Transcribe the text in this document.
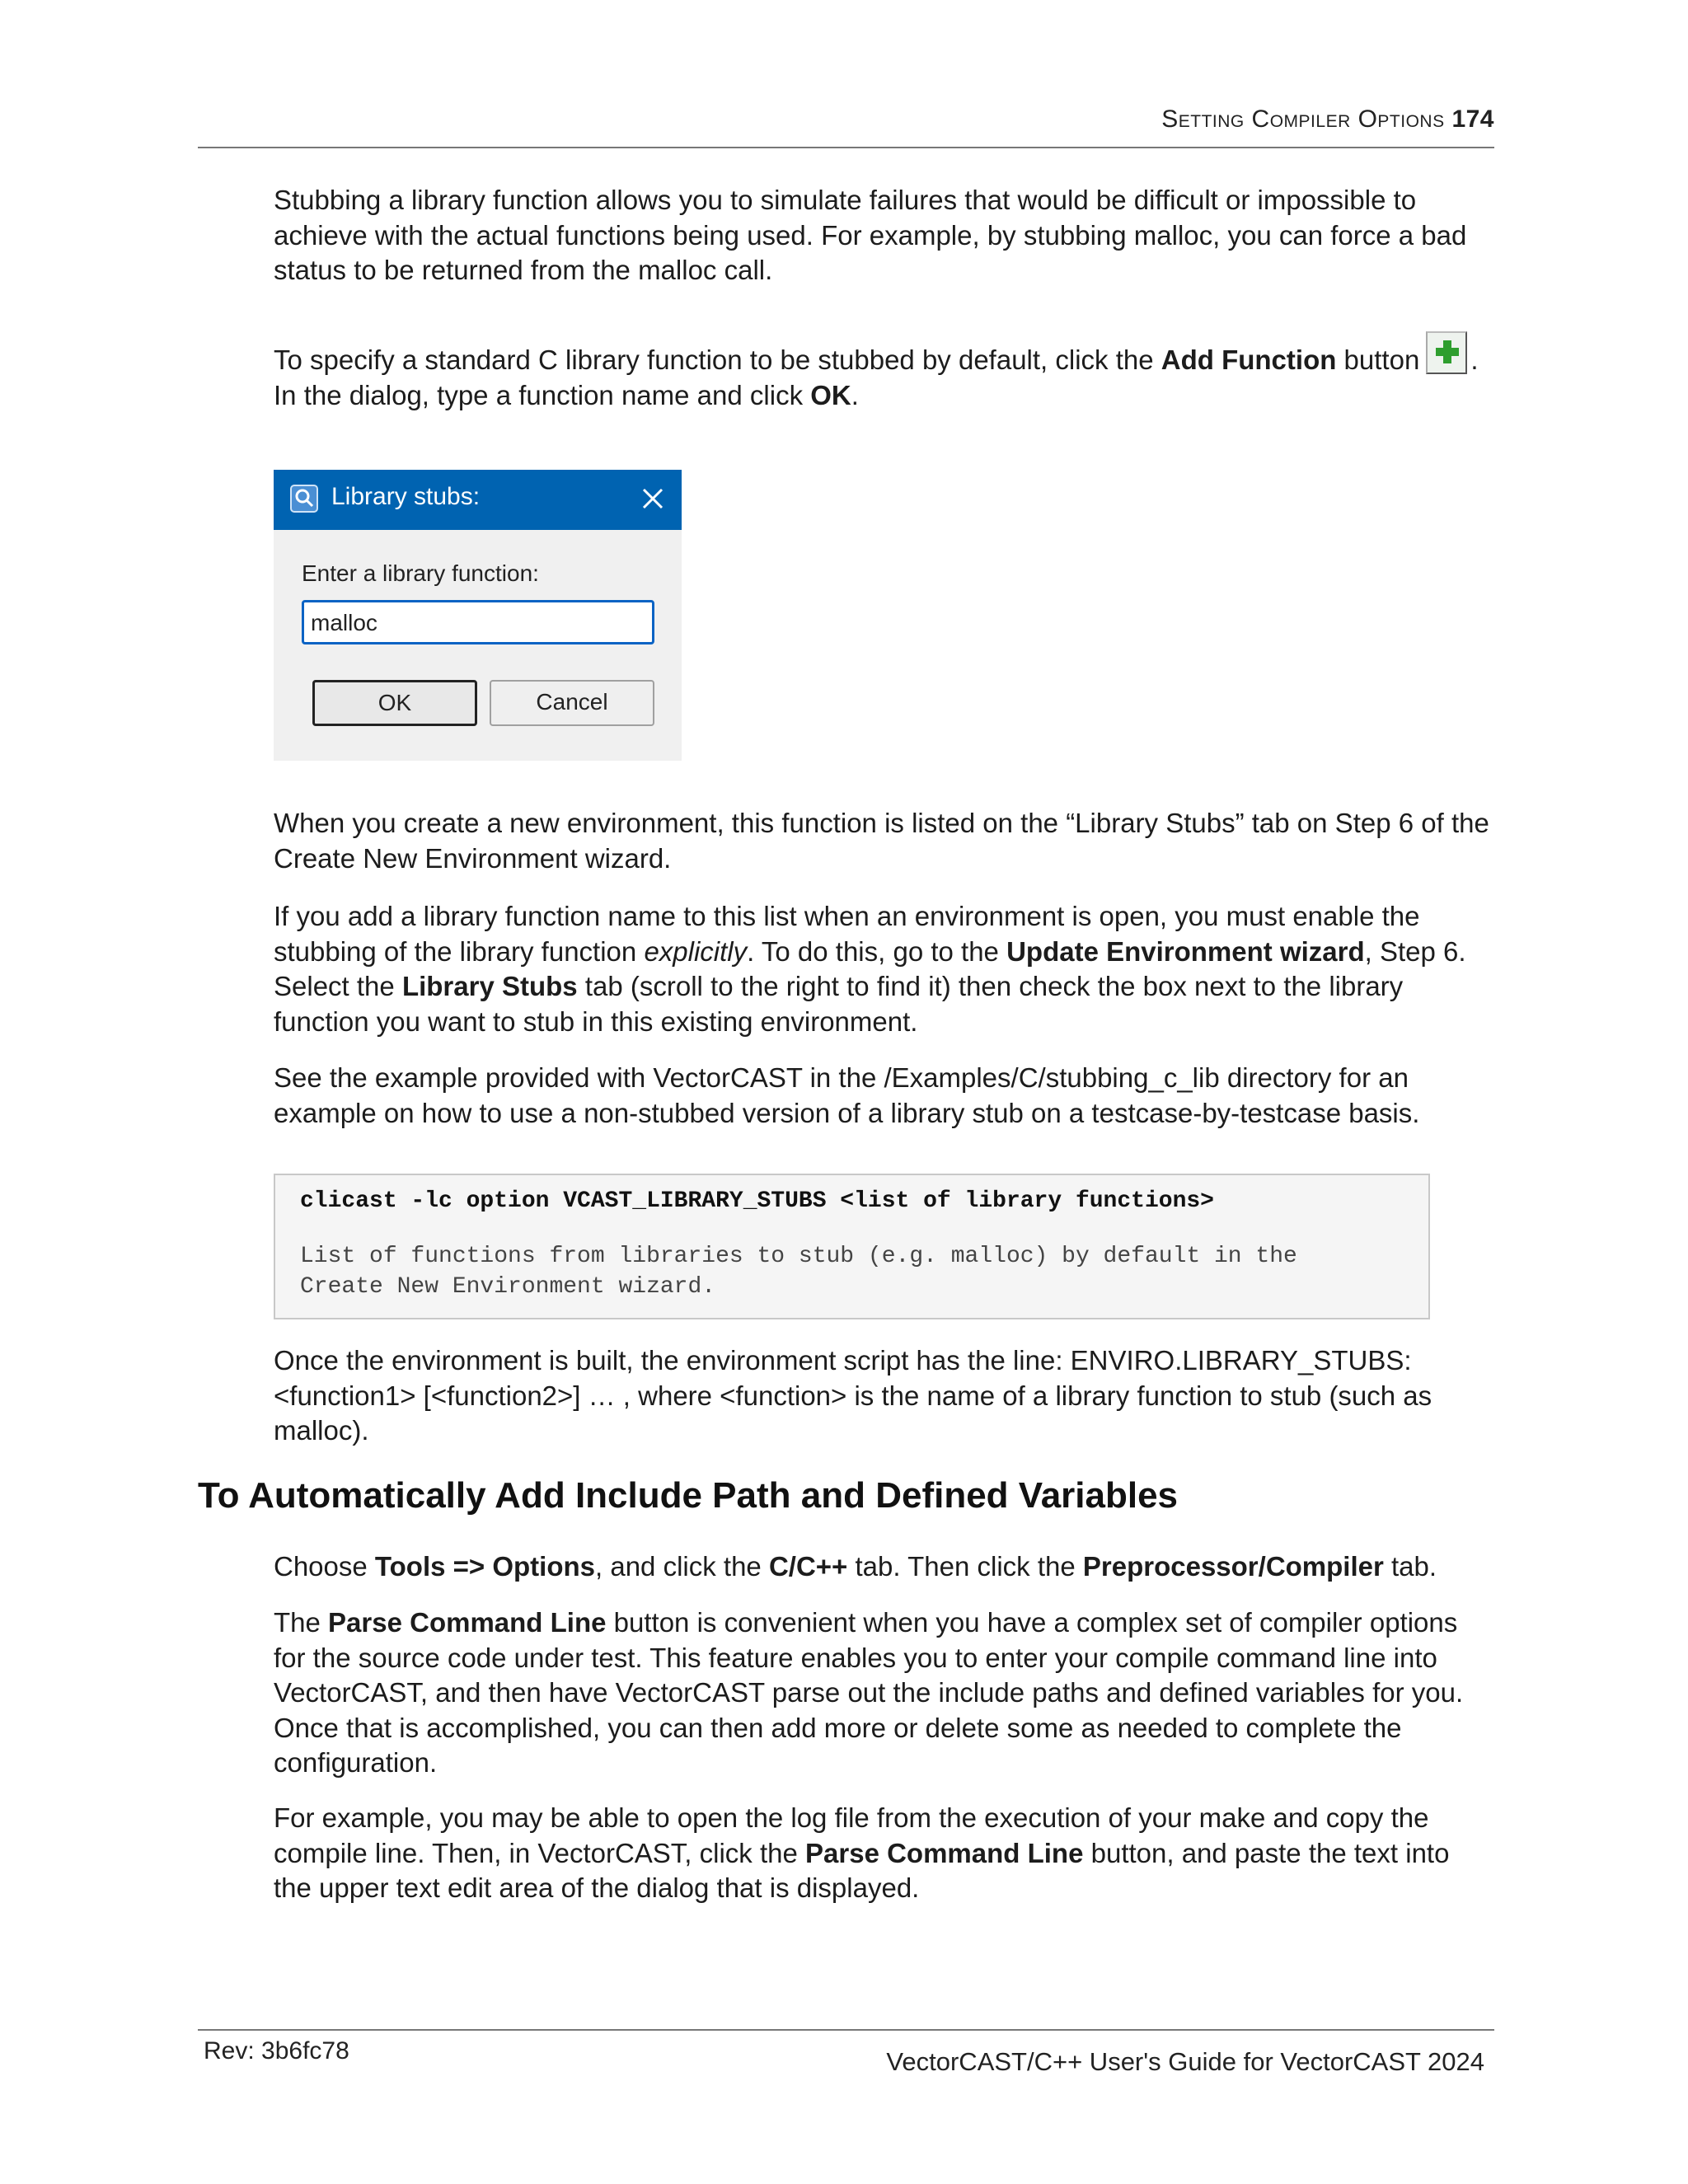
Setting Compiler Options 174

Stubbing a library function allows you to simulate failures that would be difficult or impossible to achieve with the actual functions being used. For example, by stubbing malloc, you can force a bad status to be returned from the malloc call.

To specify a standard C library function to be stubbed by default, click the Add Function button . In the dialog, type a function name and click OK.

Library stubs:
Enter a library function:
malloc
OK	Cancel

When you create a new environment, this function is listed on the “Library Stubs” tab on Step 6 of the Create New Environment wizard.

If you add a library function name to this list when an environment is open, you must enable the stubbing of the library function explicitly. To do this, go to the Update Environment wizard, Step 6. Select the Library Stubs tab (scroll to the right to find it) then check the box next to the library function you want to stub in this existing environment.

See the example provided with VectorCAST in the /Examples/C/stubbing_c_lib directory for an example on how to use a non-stubbed version of a library stub on a testcase-by-testcase basis.

clicast -lc option VCAST_LIBRARY_STUBS <list of library functions>
List of functions from libraries to stub (e.g. malloc) by default in the
Create New Environment wizard.

Once the environment is built, the environment script has the line: ENVIRO.LIBRARY_STUBS: <function1> [<function2>] … , where <function> is the name of a library function to stub (such as malloc).

To Automatically Add Include Path and Defined Variables

Choose Tools => Options, and click the C/C++ tab. Then click the Preprocessor/Compiler tab.

The Parse Command Line button is convenient when you have a complex set of compiler options for the source code under test. This feature enables you to enter your compile command line into VectorCAST, and then have VectorCAST parse out the include paths and defined variables for you. Once that is accomplished, you can then add more or delete some as needed to complete the configuration.

For example, you may be able to open the log file from the execution of your make and copy the compile line. Then, in VectorCAST, click the Parse Command Line button, and paste the text into the upper text edit area of the dialog that is displayed.

Rev: 3b6fc78	VectorCAST/C++ User's Guide for VectorCAST 2024
